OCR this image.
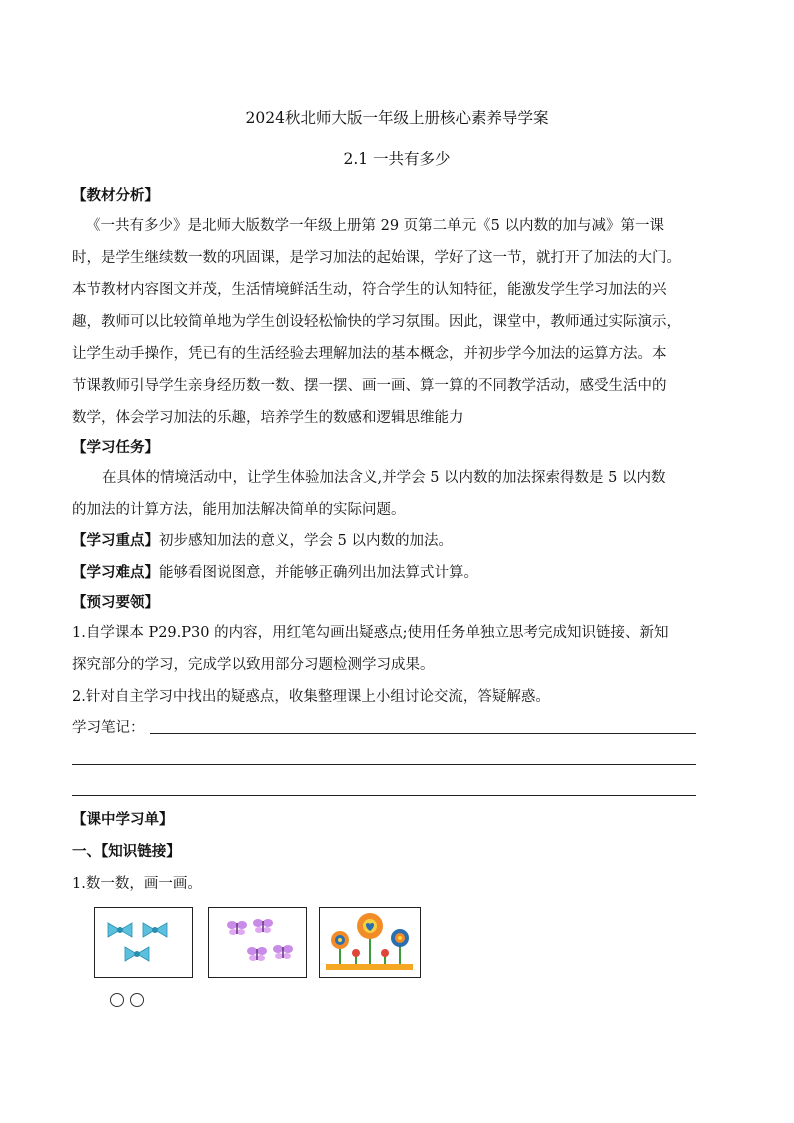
2024秋北师大版一年级上册核心素养导学案
2.1 一共有多少
【教材分析】
《一共有多少》是北师大版数学一年级上册第 29 页第二单元《5 以内数的加与减》第一课
时，是学生继续数一数的巩固课，是学习加法的起始课，学好了这一节，就打开了加法的大门。
本节教材内容图文并茂，生活情境鲜活生动，符合学生的认知特征，能激发学生学习加法的兴
趣，教师可以比较简单地为学生创设轻松愉快的学习氛围。因此，课堂中，教师通过实际演示，
让学生动手操作，凭已有的生活经验去理解加法的基本概念，并初步学今加法的运算方法。本
节课教师引导学生亲身经历数一数、摆一摆、画一画、算一算的不同教学活动，感受生活中的
数学，体会学习加法的乐趣，培养学生的数感和逻辑思维能力
【学习任务】
在具体的情境活动中，让学生体验加法含义,并学会 5 以内数的加法探索得数是 5 以内数
的加法的计算方法，能用加法解决简单的实际问题。
【学习重点】初步感知加法的意义，学会 5 以内数的加法。
【学习难点】能够看图说图意，并能够正确列出加法算式计算。
【预习要领】
1.自学课本 P29.P30 的内容，用红笔勾画出疑惑点;使用任务单独立思考完成知识链接、新知
探究部分的学习，完成学以致用部分习题检测学习成果。
2.针对自主学习中找出的疑惑点，收集整理课上小组讨论交流，答疑解惑。
学习笔记：
【课中学习单】
一、【知识链接】
1.数一数，画一画。
